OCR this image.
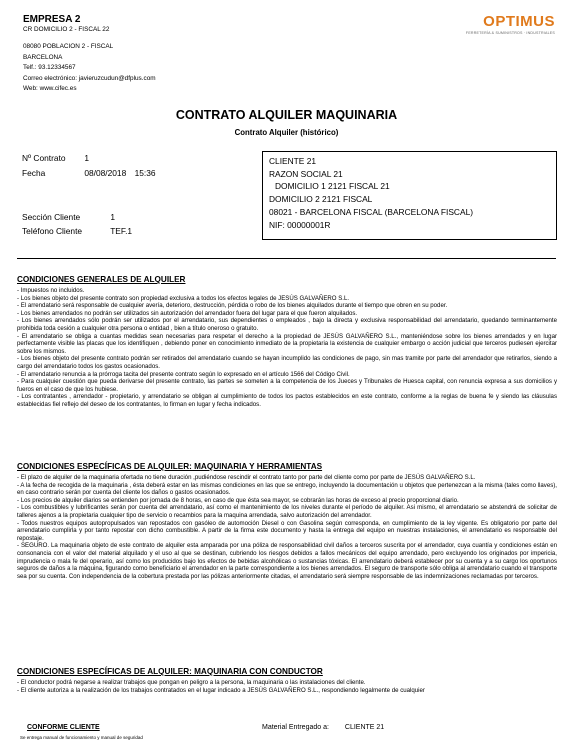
EMPRESA 2
CR DOMICILIO 2 - FISCAL 22
08080 POBLACION 2 - FISCAL
BARCELONA
Telf.: 93.12334567
Correo electrónico: javieruzcudun@dfplus.com
Web: www.cifec.es
OPTIMUS
FERRETERÍA & SUMINISTROS · INDUSTRIALES
CONTRATO ALQUILER MAQUINARIA
Contrato Alquiler (histórico)
Nº Contrato 1
Fecha	08/08/2018 15:36
Sección Cliente	1
Teléfono Cliente	TEF.1
CLIENTE 21
RAZON SOCIAL 21
DOMICILIO 1 2121 FISCAL 21
DOMICILIO 2 2121 FISCAL
08021 - BARCELONA FISCAL (BARCELONA FISCAL)
NIF: 00000001R
CONDICIONES GENERALES DE ALQUILER
- Impuestos no incluidos.
- Los bienes objeto del presente contrato son propiedad exclusiva a todos los efectos legales de JESÚS GALVAÑERO S.L.
- El arrendatario será responsable de cualquier avería, deterioro, destrucción, pérdida o robo de los bienes alquilados durante el tiempo que obren en su poder.
- Los bienes arrendados no podrán ser utilizados sin autorización del arrendador fuera del lugar para el que fueron alquilados.
- Los bienes arrendados sólo podrán ser utilizados por el arrendatario, sus dependientes o empleados , bajo la directa y exclusiva responsabilidad del arrendatario, quedando terminantemente prohibida toda cesión a cualquier otra persona o entidad , bien a título oneroso o gratuito.
- El arrendatario se obliga a cuantas medidas sean necesarias para respetar el derecho a la propiedad de JESÚS GALVAÑERO S.L., manteniéndose sobre los bienes arrendados y en lugar perfectamente visible las placas que los identifiquen , debiendo poner en conocimiento inmediato de la propietaria la existencia de cualquier embargo o acción judicial que terceros pudiesen ejercitar sobre los mismos.
- Los bienes objeto del presente contrato podrán ser retirados del arrendatario cuando se hayan incumplido las condiciones de pago, sin mas tramite por parte del arrendador que retirarlos, siendo a cargo del arrendatario todos los gastos ocasionados.
- El arrendatario renuncia a la prórroga tacita del presente contrato según lo expresado en el artículo 1566 del Código Civil.
- Para cualquier cuestión que pueda derivarse del presente contrato, las partes se someten a la competencia de los Jueces y Tribunales de Huesca capital, con renuncia expresa a sus domicilios y fueros en el caso de que los hubiese.
- Los contratantes , arrendador - propietario, y arrendatario se obligan al cumplimiento de todos los pactos establecidos en este contrato, conforme a la reglas de buena fe y siendo las cláusulas establecidas fiel reflejo del deseo de los contratantes, lo firman en lugar y fecha indicados.
CONDICIONES ESPECÍFICAS DE ALQUILER: MAQUINARIA Y HERRAMIENTAS
- El plazo de alquiler de la maquinaria ofertada no tiene duración ,pudiéndose rescindir el contrato tanto por parte del cliente como por parte de JESÚS GALVAÑERO S.L.
- A la fecha de recogida de la maquinaria , ésta deberá estar en las mismas condiciones en las que se entrego, incluyendo la documentación u objetos que pertenezcan a la misma (tales como llaves), en caso contrario serán por cuenta del cliente los daños o gastos ocasionados.
- Los precios de alquiler diarios se entienden por jornada de 8 horas, en caso de que ésta sea mayor, se cobrarán las horas de exceso al precio proporcional diario.
- Los combustibles y lubrificantes serán por cuenta del arrendatario, así como el mantenimiento de los niveles durante el período de alquiler. Asi mismo, el arrendatario se abstendrá de solicitar de talleres ajenos a la propietaria cualquier tipo de servicio o recambios para la maquina arrendada, salvo autorización del arrendador.
- Todos nuestros equipos autopropulsados van repostados con gasóleo de automoción Diesel o con Gasolina según corresponda, en cumplimiento de la ley vigente. Es obligatorio por parte del arrendatario cumplirla y por tanto repostar con dicho combustible. A partir de la firma este documento y hasta la entrega del equipo en nuestras instalaciones, el arrendatario es responsable del repostaje.
- SEGURO. La maquinaria objeto de este contrato de alquiler esta amparada por una póliza de responsabilidad civil daños a terceros suscrita por el arrendador, cuya cuantía y condiciones están en consonancia con el valor del material alquilado y el uso al que se destinan, cubriendo los riesgos debidos a fallos mecánicos del equipo arrendado, pero excluyendo los originados por impericia, imprudencia o mala fe del operario, así como los producidos bajo los efectos de bebidas alcohólicas o sustancias tóxicas. El arrendatario deberá establecer por su cuenta y a su cargo los oportunos seguros de daños a la máquina, figurando como beneficiario el arrendador en la parte correspondiente a los bienes arrendados. El seguro de transporte sólo obliga al arrendatario cuando el transporte sea por su cuenta. Con independencia de la cobertura prestada por las pólizas anteriormente citadas, el arrendatario será siempre responsable de las indemnizaciones reclamadas por terceros.
CONDICIONES ESPECÍFICAS DE ALQUILER: MAQUINARIA CON CONDUCTOR
- El conductor podrá negarse a realizar trabajos que pongan en peligro a la persona, la maquinaria o las instalaciones del cliente.
- El cliente autoriza a la realización de los trabajos contratados en el lugar indicado a JESÚS GALVAÑERO S.L., respondiendo legalmente de cualquier
CONFORME CLIENTE	Material Entregado a: CLIENTE 21
Se entrega manual de funcionamiento y manual de seguridad
